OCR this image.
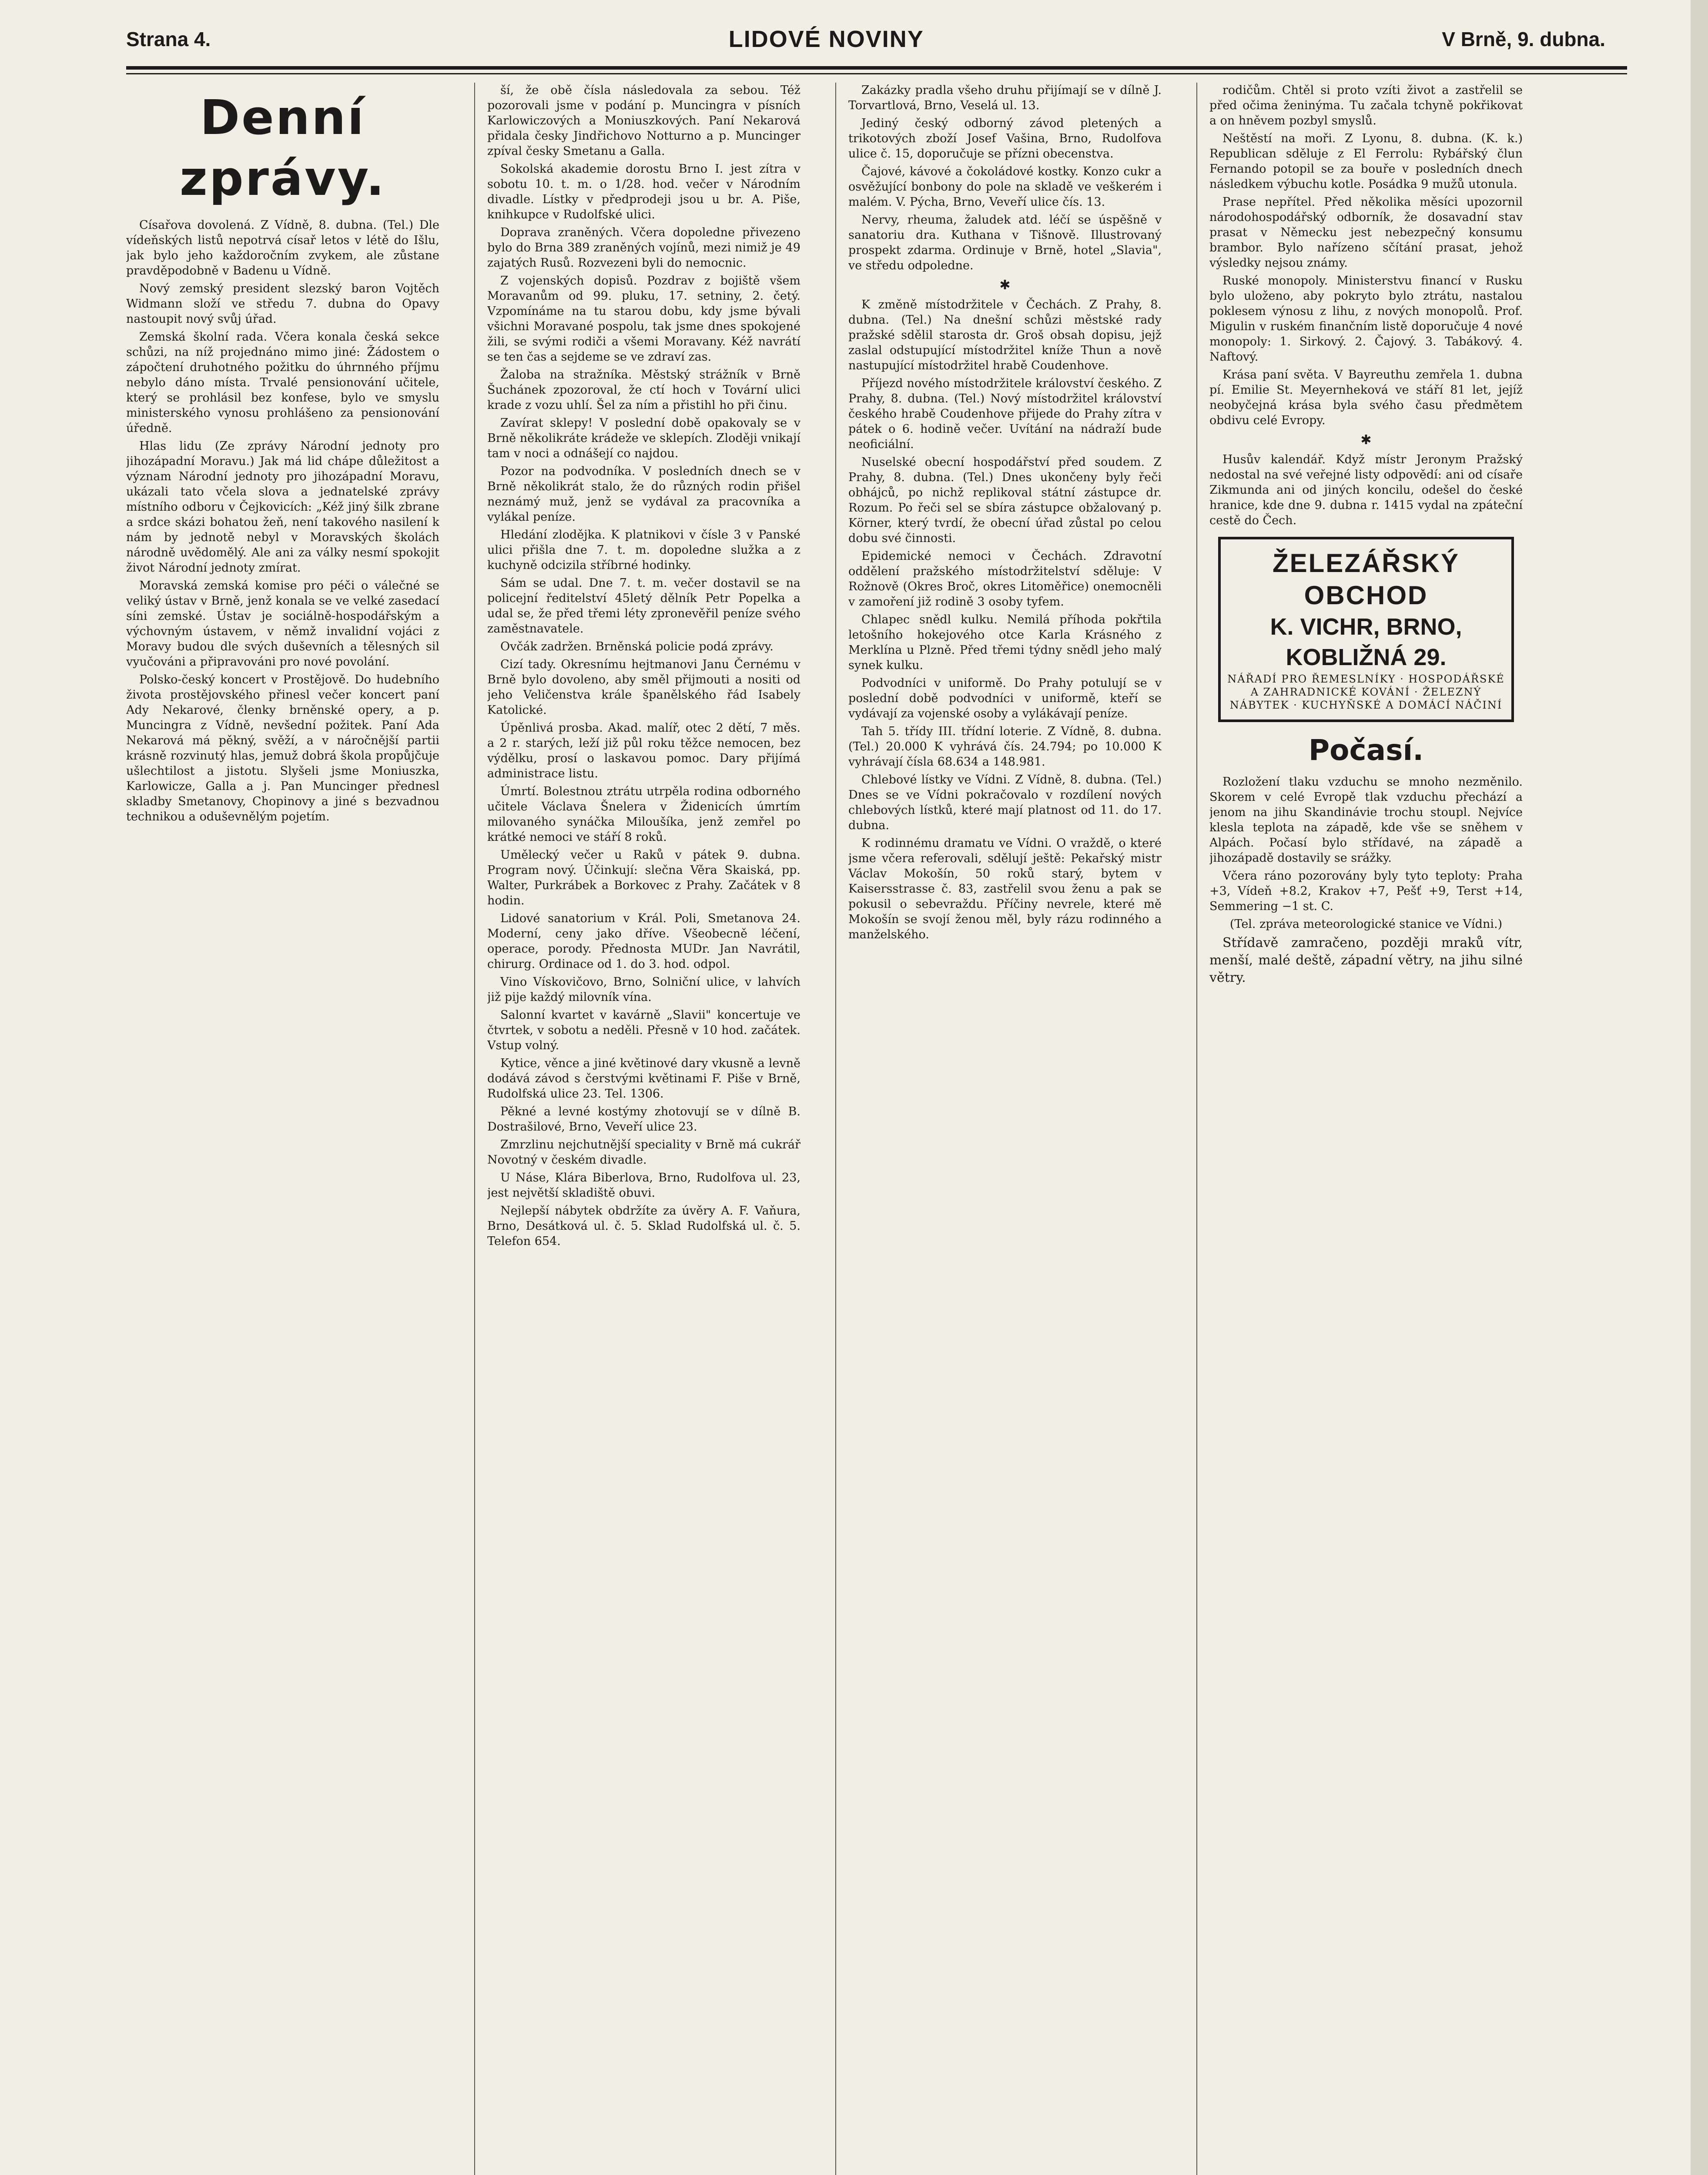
Strana 4.	LIDOVÉ NOVINY	V Brně, 9. dubna.
Denní zprávy.

Císařova dovolená. Z Vídně, 8. dubna. (Tel.) Dle vídeňských listů nepotrvá císař letos v létě do Išlu, jak bylo jeho každoročním zvykem, ale zůstane pravděpodobně v Badenu u Vídně.

Nový zemský president slezský baron Vojtěch Widmann složí ve středu 7. dubna do Opavy nastoupit nový svůj úřad.

Zemská školní rada. Včera konala česká sekce schůzi, na níž projednáno mimo jiné: Žádostem o zápočtení druhotného požitku do úhrnného příjmu nebylo dáno místa. Trvalé pensionování učitele, který se prohlásil bez konfese, bylo ve smyslu ministerského vynosu prohlášeno za pensionování úředně.

Hlas lidu (Ze zprávy Národní jednoty pro jihozápadní Moravu.) Jak má lid chápe důležitost a význam Národní jednoty pro jihozápadní Moravu, ukázali tato včela slova a jednatelské zprávy místního odboru v Čejkovicích: „Kéž jiný šilk zbrane a srdce skázi bohatou žeň, není takového nasilení k nám by jednotě nebyl v Moravských školách národně uvědomělý. Ale ani za války nesmí spokojit život Národní jednoty zmírat.

Moravská zemská komise pro péči o válečné se veliký ústav v Brně, jenž konala se ve velké zasedací síni zemské. Ústav je sociálně-hospodářským a výchovným ústavem, v němž invalidní vojáci z Moravy budou dle svých duševních a tělesných sil vyučováni a připravováni pro nové povolání.

Polsko-český koncert v Prostějově. Do hudebního života prostějovského přinesl večer koncert paní Ady Nekarové, členky brněnské opery, a p. Muncingra z Vídně, nevšední požitek. Paní Ada Nekarová má pěkný, svěží, a v náročnější partii krásně rozvinutý hlas, jemuž dobrá škola propůjčuje ušlechtilost a jistotu. Slyšeli jsme Moniuszka, Karlowicze, Galla a j. Pan Muncinger přednesl skladby Smetanovy, Chopinovy a jiné s bezvadnou technikou a oduševnělým pojetím.

ší, že obě čísla následovala za sebou. Též pozorovali jsme v podání p. Muncingra v písních Karlowiczových a Moniuszkových. Paní Nekarová přidala česky Jindřichovo Notturno a p. Muncinger zpíval česky Smetanu a Galla.

Sokolská akademie dorostu Brno I. jest zítra v sobotu 10. t. m. o 1/28. hod. večer v Národním divadle. Lístky v předprodeji jsou u br. A. Piše, knihkupce v Rudolfské ulici.

Doprava zraněných. Včera dopoledne přivezeno bylo do Brna 389 zraněných vojínů, mezi nimiž je 49 zajatých Rusů. Rozvezeni byli do nemocnic.

Z vojenských dopisů. Pozdrav z bojiště všem Moravanům od 99. pluku, 17. setniny, 2. četý. Vzpomínáme na tu starou dobu, kdy jsme bývali všichni Moravané pospolu, tak jsme dnes spokojené žili, se svými rodiči a všemi Moravany. Kéž navrátí se ten čas a sejdeme se ve zdraví zas.

Žaloba na stražníka. Městský strážník v Brně Šuchánek zpozoroval, že ctí hoch v Tovární ulici krade z vozu uhlí. Šel za ním a přistihl ho při činu.

Zavírat sklepy! V poslední době opakovaly se v Brně několikráte krádeže ve sklepích. Zloději vnikají tam v noci a odnášejí co najdou.

Pozor na podvodníka. V posledních dnech se v Brně několikrát stalo, že do různých rodin přišel neznámý muž, jenž se vydával za pracovníka a vylákal peníze.

Hledání zlodějka. K platnikovi v čísle 3 v Panské ulici přišla dne 7. t. m. dopoledne služka a z kuchyně odcizila stříbrné hodinky.

Sám se udal. Dne 7. t. m. večer dostavil se na policejní ředitelství 45letý dělník Petr Popelka a udal se, že před třemi léty zpronevěřil peníze svého zaměstnavatele.

Ovčák zadržen. Brněnská policie podá zprávy.

Cizí tady. Okresnímu hejtmanovi Janu Černému v Brně bylo dovoleno, aby směl přijmouti a nositi od jeho Veličenstva krále španělského řád Isabely Katolické.

Úpěnlivá prosba. Akad. malíř, otec 2 dětí, 7 měs. a 2 r. starých, leží již půl roku těžce nemocen, bez výdělku, prosí o laskavou pomoc. Dary přijímá administrace listu.

Úmrtí. Bolestnou ztrátu utrpěla rodina odborného učitele Václava Šnelera v Židenicích úmrtím milovaného synáčka Miloušíka, jenž zemřel po krátké nemoci ve stáří 8 roků.

Umělecký večer u Raků v pátek 9. dubna. Program nový. Účinkují: slečna Věra Skaiská, pp. Walter, Purkrábek a Borkovec z Prahy. Začátek v 8 hodin.

Lidové sanatorium v Král. Poli, Smetanova 24. Moderní, ceny jako dříve. Všeobecně léčení, operace, porody. Přednosta MUDr. Jan Navrátil, chirurg. Ordinace od 1. do 3. hod. odpol.

Vino Vískovičovo, Brno, Solniční ulice, v lahvích již pije každý milovník vína.

Salonní kvartet v kavárně „Slavii" koncertuje ve čtvrtek, v sobotu a neděli. Přesně v 10 hod. začátek. Vstup volný.

Kytice, věnce a jiné květinové dary vkusně a levně dodává závod s čerstvými květinami F. Piše v Brně, Rudolfská ulice 23. Tel. 1306.

Pěkné a levné kostýmy zhotovují se v dílně B. Dostrašilové, Brno, Veveří ulice 23.

Zmrzlinu nejchutnější speciality v Brně má cukrář Novotný v českém divadle.

U Náse, Klára Biberlova, Brno, Rudolfova ul. 23, jest největší skladiště obuvi.

Nejlepší nábytek obdržíte za úvěry A. F. Vaňura, Brno, Desátková ul. č. 5. Sklad Rudolfská ul. č. 5. Telefon 654.

Zakázky pradla všeho druhu přijímají se v dílně J. Torvartlová, Brno, Veselá ul. 13.

Jediný český odborný závod pletených a trikotových zboží Josef Vašina, Brno, Rudolfova ulice č. 15, doporučuje se přízni obecenstva.

Čajové, kávové a čokoládové kostky. Konzo cukr a osvěžující bonbony do pole na skladě ve veškerém i malém. V. Pýcha, Brno, Veveří ulice čís. 13.

Nervy, rheuma, žaludek atd. léčí se úspěšně v sanatoriu dra. Kuthana v Tišnově. Illustrovaný prospekt zdarma. Ordinuje v Brně, hotel „Slavia", ve středu odpoledne.

✱

K změně místodržitele v Čechách. Z Prahy, 8. dubna. (Tel.) Na dnešní schůzi městské rady pražské sdělil starosta dr. Groš obsah dopisu, jejž zaslal odstupující místodržitel kníže Thun a nově nastupující místodržitel hrabě Coudenhove.

Příjezd nového místodržitele království českého. Z Prahy, 8. dubna. (Tel.) Nový místodržitel království českého hrabě Coudenhove přijede do Prahy zítra v pátek o 6. hodině večer. Uvítání na nádraží bude neoficiální.

Nuselské obecní hospodářství před soudem. Z Prahy, 8. dubna. (Tel.) Dnes ukončeny byly řeči obhájců, po nichž replikoval státní zástupce dr. Rozum. Po řeči sel se sbíra zástupce obžalovaný p. Körner, který tvrdí, že obecní úřad zůstal po celou dobu své činnosti.

Epidemické nemoci v Čechách. Zdravotní oddělení pražského místodržitelství sděluje: V Rožnově (Okres Broč, okres Litoměřice) onemocněli v zamoření již rodině 3 osoby tyfem.

Chlapec snědl kulku. Nemilá příhoda pokřtila letošního hokejového otce Karla Krásného z Merklína u Plzně. Před třemi týdny snědl jeho malý synek kulku.

Podvodníci v uniformě. Do Prahy potulují se v poslední době podvodníci v uniformě, kteří se vydávají za vojenské osoby a vylákávají peníze.

Tah 5. třídy III. třídní loterie. Z Vídně, 8. dubna. (Tel.) 20.000 K vyhrává čís. 24.794; po 10.000 K vyhrávají čísla 68.634 a 148.981.

Chlebové lístky ve Vídni. Z Vídně, 8. dubna. (Tel.) Dnes se ve Vídni pokračovalo v rozdílení nových chlebových lístků, které mají platnost od 11. do 17. dubna.

K rodinnému dramatu ve Vídni. O vraždě, o které jsme včera referovali, sdělují ještě: Pekařský mistr Václav Mokošín, 50 roků starý, bytem v Kaisersstrasse č. 83, zastřelil svou ženu a pak se pokusil o sebevraždu. Příčiny nevrele, které mě Mokošín se svojí ženou měl, byly rázu rodinného a manželského.

rodičům. Chtěl si proto vzíti život a zastřelil se před očima ženinýma. Tu začala tchyně pokřikovat a on hněvem pozbyl smyslů.

Neštěstí na moři. Z Lyonu, 8. dubna. (K. k.) Republican sděluje z El Ferrolu: Rybářský člun Fernando potopil se za bouře v posledních dnech následkem výbuchu kotle. Posádka 9 mužů utonula.

Prase nepřítel. Před několika měsíci upozornil národohospodářský odborník, že dosavadní stav prasat v Německu jest nebezpečný konsumu brambor. Bylo nařízeno sčítání prasat, jehož výsledky nejsou známy.

Ruské monopoly. Ministerstvu financí v Rusku bylo uloženo, aby pokryto bylo ztrátu, nastalou poklesem výnosu z lihu, z nových monopolů. Prof. Migulin v ruském finančním listě doporučuje 4 nové monopoly: 1. Sirkový. 2. Čajový. 3. Tabákový. 4. Naftový.

Krása paní světa. V Bayreuthu zemřela 1. dubna pí. Emilie St. Meyernheková ve stáří 81 let, jejíž neobyčejná krása byla svého času předmětem obdivu celé Evropy.

✱

Husův kalendář. Když místr Jeronym Pražský nedostal na své veřejné listy odpovědí: ani od císaře Zikmunda ani od jiných koncilu, odešel do české hranice, kde dne 9. dubna r. 1415 vydal na zpáteční cestě do Čech.

ŽELEZÁŘSKÝ OBCHOD
K. VICHR, BRNO, KOBLIŽNÁ 29.
NÁŘADÍ PRO ŘEMESLNÍKY · HOSPODÁŘSKÉ A ZAHRADNICKÉ KOVÁNÍ · ŽELEZNÝ NÁBYTEK · KUCHYŇSKÉ A DOMÁCÍ NÁČINÍ
Počasí.

Rozložení tlaku vzduchu se mnoho nezměnilo. Skorem v celé Evropě tlak vzduchu přechází a jenom na jihu Skandinávie trochu stoupl. Nejvíce klesla teplota na západě, kde vše se sněhem v Alpách. Počasí bylo střídavé, na západě a jihozápadě dostavily se srážky.

Včera ráno pozorovány byly tyto teploty: Praha +3, Vídeň +8.2, Krakov +7, Pešť +9, Terst +14, Semmering −1 st. C.

(Tel. zpráva meteorologické stanice ve Vídni.)

Střídavě zamračeno, později mraků vítr, menší, malé deště, západní větry, na jihu silné větry.
